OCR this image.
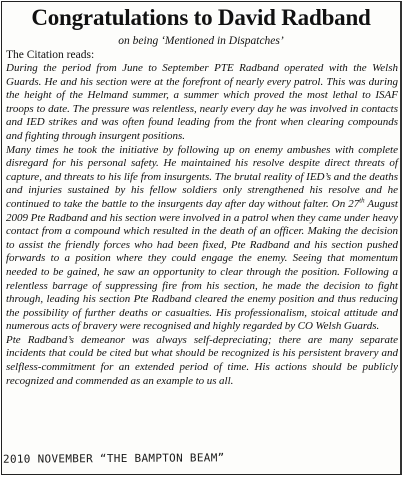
Congratulations to David Radband
on being ‘Mentioned in Dispatches’
The Citation reads:

During the period from June to September PTE Radband operated with the Welsh Guards. He and his section were at the forefront of nearly every patrol. This was during the height of the Helmand summer, a summer which proved the most lethal to ISAF troops to date. The pressure was relentless, nearly every day he was involved in contacts and IED strikes and was often found leading from the front when clearing compounds and fighting through insurgent positions.

Many times he took the initiative by following up on enemy ambushes with complete disregard for his personal safety. He maintained his resolve despite direct threats of capture, and threats to his life from insurgents. The brutal reality of IED’s and the deaths and injuries sustained by his fellow soldiers only strengthened his resolve and he continued to take the battle to the insurgents day after day without falter. On 27th August 2009 Pte Radband and his section were involved in a patrol when they came under heavy contact from a compound which resulted in the death of an officer. Making the decision to assist the friendly forces who had been fixed, Pte Radband and his section pushed forwards to a position where they could engage the enemy. Seeing that momentum needed to be gained, he saw an opportunity to clear through the position. Following a relentless barrage of suppressing fire from his section, he made the decision to fight through, leading his section Pte Radband cleared the enemy position and thus reducing the possibility of further deaths or casualties. His professionalism, stoical attitude and numerous acts of bravery were recognised and highly regarded by CO Welsh Guards.

Pte Radband’s demeanor was always self-depreciating; there are many separate incidents that could be cited but what should be recognized is his persistent bravery and selfless-commitment for an extended period of time. His actions should be publicly recognized and commended as an example to us all.

2010 NOVEMBER “THE BAMPTON BEAM”
